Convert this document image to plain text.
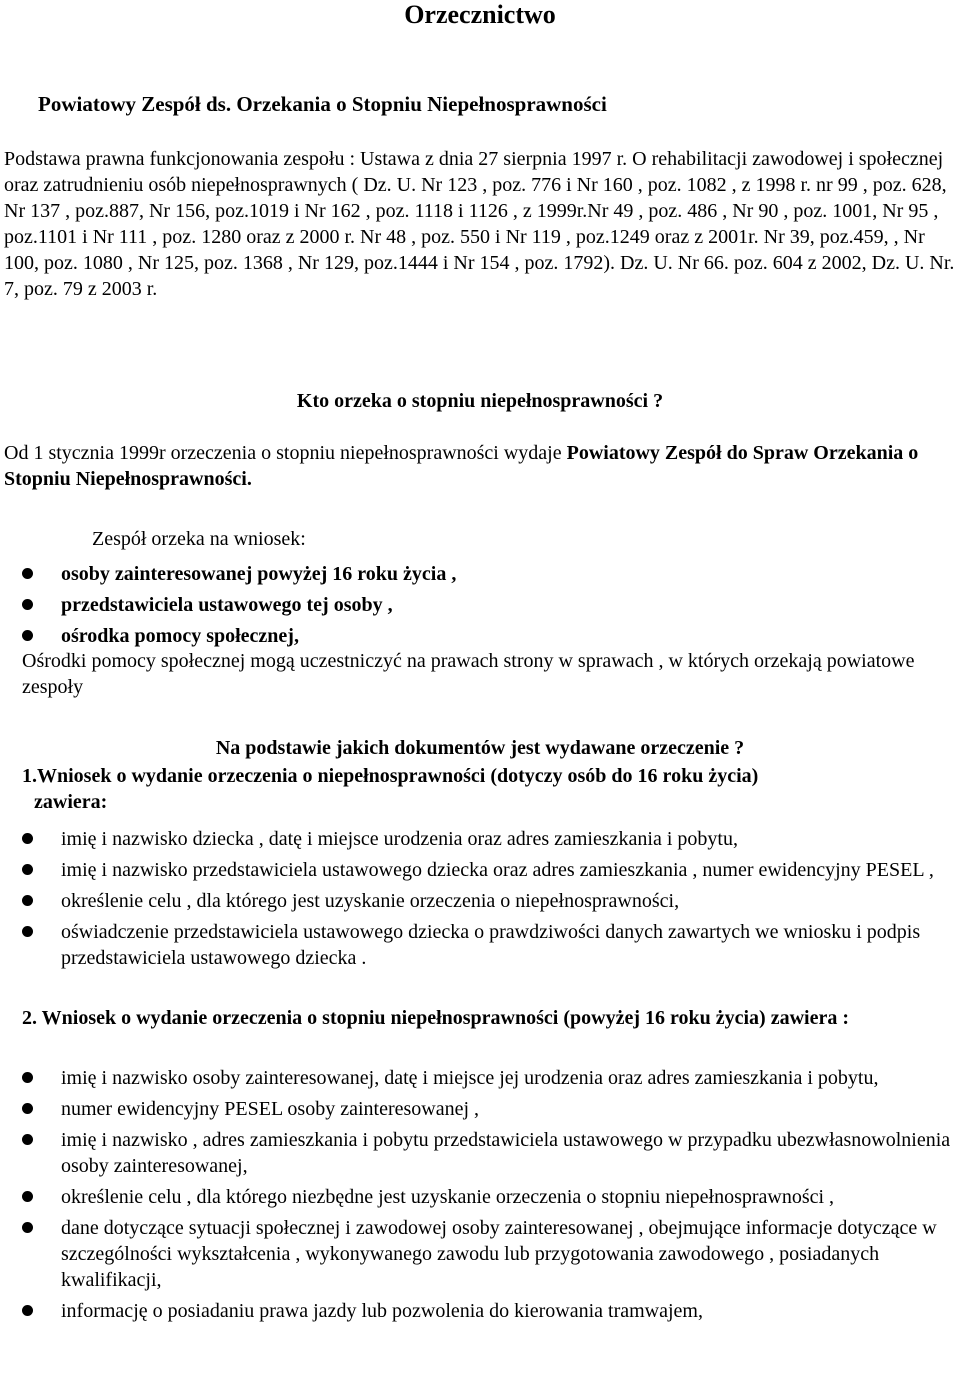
Orzecznictwo
Powiatowy Zespół ds. Orzekania o Stopniu Niepełnosprawności

Podstawa prawna funkcjonowania zespołu : Ustawa z dnia 27 sierpnia 1997 r. O rehabilitacji zawodowej i społecznej oraz zatrudnieniu osób niepełnosprawnych ( Dz. U. Nr 123 , poz. 776 i Nr 160 , poz. 1082 , z 1998 r. nr 99 , poz. 628, Nr 137 , poz.887, Nr 156, poz.1019 i Nr 162 , poz. 1118 i 1126 , z 1999r.Nr 49 , poz. 486 , Nr 90 , poz. 1001, Nr 95 , poz.1101 i Nr 111 , poz. 1280 oraz z 2000 r. Nr 48 , poz. 550 i Nr 119 , poz.1249 oraz z 2001r. Nr 39, poz.459, , Nr 100, poz. 1080 , Nr 125, poz. 1368 , Nr 129, poz.1444 i Nr 154 , poz. 1792). Dz. U. Nr 66. poz. 604 z 2002, Dz. U. Nr. 7, poz. 79 z 2003 r.

Kto orzeka o stopniu niepełnosprawności ?

Od 1 stycznia 1999r orzeczenia o stopniu niepełnosprawności wydaje Powiatowy Zespół do Spraw Orzekania o Stopniu Niepełnosprawności.

Zespół orzeka na wniosek:
osoby zainteresowanej powyżej 16 roku życia ,
przedstawiciela ustawowego tej osoby ,
ośrodka pomocy społecznej,
Ośrodki pomocy społecznej mogą uczestniczyć na prawach strony w sprawach , w których orzekają powiatowe zespoły

Na podstawie jakich dokumentów jest wydawane orzeczenie ?

1.Wniosek o wydanie orzeczenia o niepełnosprawności (dotyczy osób do 16 roku życia)
zawiera:
imię i nazwisko dziecka , datę i miejsce urodzenia oraz adres zamieszkania i pobytu,
imię i nazwisko przedstawiciela ustawowego dziecka oraz adres zamieszkania , numer ewidencyjny PESEL ,
określenie celu , dla którego jest uzyskanie orzeczenia o niepełnosprawności,
oświadczenie przedstawiciela ustawowego dziecka o prawdziwości danych zawartych we wniosku i podpis przedstawiciela ustawowego dziecka .
2. Wniosek o wydanie orzeczenia o stopniu niepełnosprawności (powyżej 16 roku życia) zawiera :
imię i nazwisko osoby zainteresowanej, datę i miejsce jej urodzenia oraz adres zamieszkania i pobytu,
numer ewidencyjny PESEL osoby zainteresowanej ,
imię i nazwisko , adres zamieszkania i pobytu przedstawiciela ustawowego w przypadku ubezwłasnowolnienia osoby zainteresowanej,
określenie celu , dla którego niezbędne jest uzyskanie orzeczenia o stopniu niepełnosprawności ,
dane dotyczące sytuacji społecznej i zawodowej osoby zainteresowanej , obejmujące informacje dotyczące w szczególności wykształcenia , wykonywanego zawodu lub przygotowania zawodowego , posiadanych kwalifikacji,
informację o posiadaniu prawa jazdy lub pozwolenia do kierowania tramwajem,
